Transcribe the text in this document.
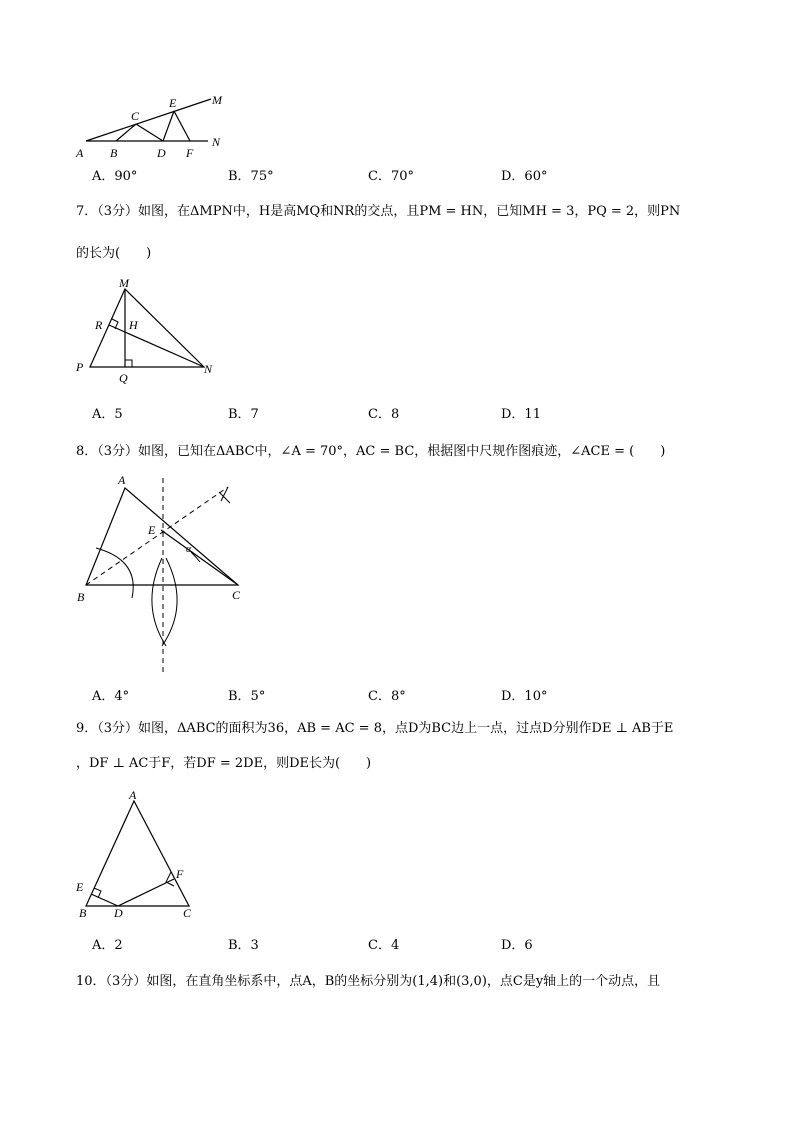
A B
C
D
E
F
M
N
A．90°	B．75°	C．70°	D．60°
7．（3分）如图，在ΔMPN中，H是高MQ和NR的交点，且PM = HN，已知MH = 3，PQ = 2，则PN
的长为(　　)
M
R H
P
Q
N
A．5	B．7	C．8	D．11
8．（3分）如图，已知在ΔABC中，∠A = 70°，AC = BC，根据图中尺规作图痕迹，∠ACE = (　　)
A
B	C
E
α
A．4°	B．5°	C．8°	D．10°
9．（3分）如图，ΔABC的面积为36，AB = AC = 8，点D为BC边上一点，过点D分别作DE ⊥ AB于E
，DF ⊥ AC于F，若DF = 2DE，则DE长为(　　)
A
E
F
B D	C
A．2	B．3	C．4	D．6
10．（3分）如图，在直角坐标系中，点A，B的坐标分别为(1,4)和(3,0)，点C是y轴上的一个动点，且
